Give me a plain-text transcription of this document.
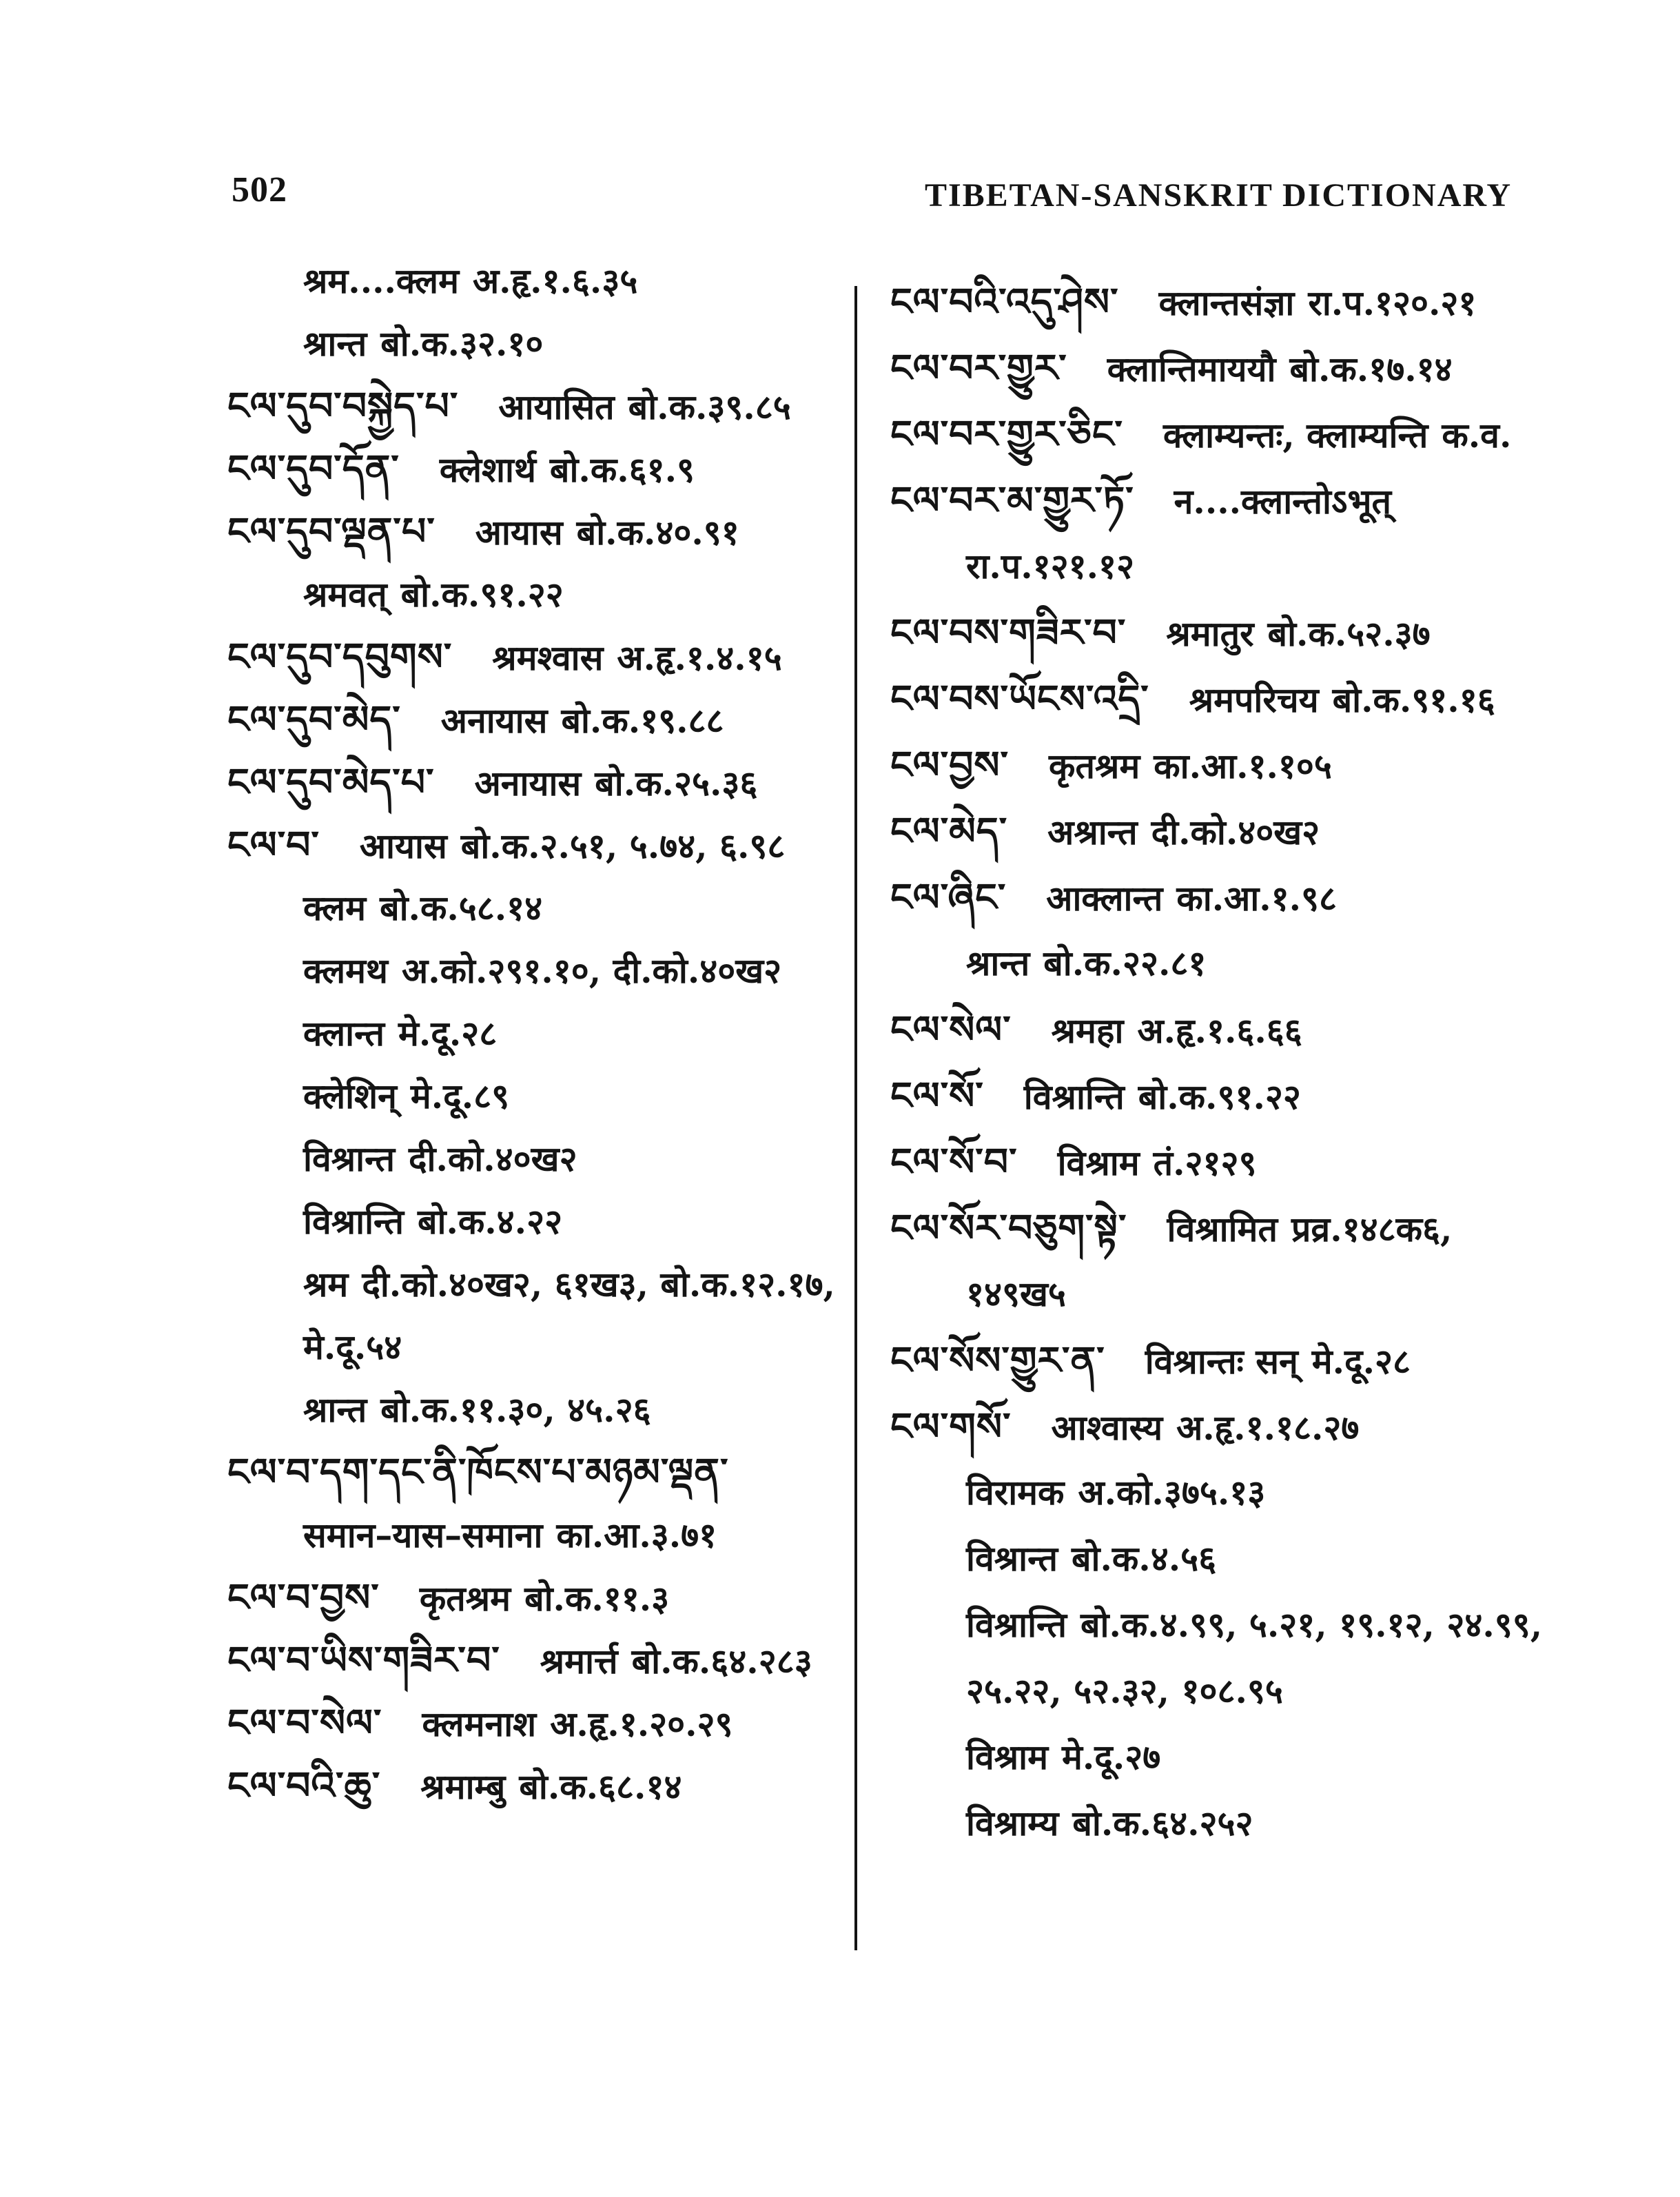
502	TIBETAN-SANSKRIT DICTIONARY
श्रम....क्लम अ.हृ.१.६.३५
श्रान्त बो.क.३२.१०
ངལ་དུབ་བསྐྱེད་པ་ आयासित बो.क.३९.८५
ངལ་དུབ་དོན་ क्लेशार्थ बो.क.६१.९
ངལ་དུབ་ལྡན་པ་ आयास बो.क.४०.९१
श्रमवत् बो.क.९१.२२
ངལ་དུབ་དབུགས་ श्रमश्वास अ.हृ.१.४.१५
ངལ་དུབ་མེད་ अनायास बो.क.१९.८८
ངལ་དུབ་མེད་པ་ अनायास बो.क.२५.३६
ངལ་བ་ आयास बो.क.२.५१, ५.७४, ६.९८
क्लम बो.क.५८.१४
क्लमथ अ.को.२९१.१०, दी.को.४०ख२
क्लान्त मे.दू.२८
क्लेशिन् मे.दू.८९
विश्रान्त दी.को.४०ख२
विश्रान्ति बो.क.४.२२
श्रम दी.को.४०ख२, ६१ख३, बो.क.१२.१७,
मे.दू.५४
श्रान्त बो.क.११.३०, ४५.२६
ངལ་བ་དག་དང་ནི་ཁོངས་པ་མཉམ་ལྡན་
समान–यास–समाना का.आ.३.७१
ངལ་བ་བྱས་ कृतश्रम बो.क.११.३
ངལ་བ་ཡིས་གཟིར་བ་ श्रमार्त्त बो.क.६४.२८३
ངལ་བ་སེལ་ क्लमनाश अ.हृ.१.२०.२९
ངལ་བའི་ཆུ་ श्रमाम्बु बो.क.६८.१४
ངལ་བའི་འདུ་ཤེས་ क्लान्तसंज्ञा रा.प.१२०.२१
ངལ་བར་གྱུར་ क्लान्तिमाययौ बो.क.१७.१४
ངལ་བར་གྱུར་ཅིང་ क्लाम्यन्तः, क्लाम्यन्ति क.व.
ངལ་བར་མ་གྱུར་ཏོ་ न....क्लान्तोऽभूत्
रा.प.१२१.१२
ངལ་བས་གཟིར་བ་ श्रमातुर बो.क.५२.३७
ངལ་བས་ཡོངས་འདྲི་ श्रमपरिचय बो.क.९१.१६
ངལ་བྱས་ कृतश्रम का.आ.१.१०५
ངལ་མེད་ अश्रान्त दी.को.४०ख२
ངལ་ཞིང་ आक्लान्त का.आ.१.९८
श्रान्त बो.क.२२.८१
ངལ་སེལ་ श्रमहा अ.हृ.१.६.६६
ངལ་སོ་ विश्रान्ति बो.क.९१.२२
ངལ་སོ་བ་ विश्राम तं.२१२९
ངལ་སོར་བཅུག་སྟེ་ विश्रामित प्रव्र.१४८क६,
१४९ख५
ངལ་སོས་གྱུར་ན་ विश्रान्तः सन् मे.दू.२८
ངལ་གསོ་ आश्वास्य अ.हृ.१.१८.२७
विरामक अ.को.३७५.१३
विश्रान्त बो.क.४.५६
विश्रान्ति बो.क.४.९९, ५.२१, १९.१२, २४.९९,
२५.२२, ५२.३२, १०८.९५
विश्राम मे.दू.२७
विश्राम्य बो.क.६४.२५२
